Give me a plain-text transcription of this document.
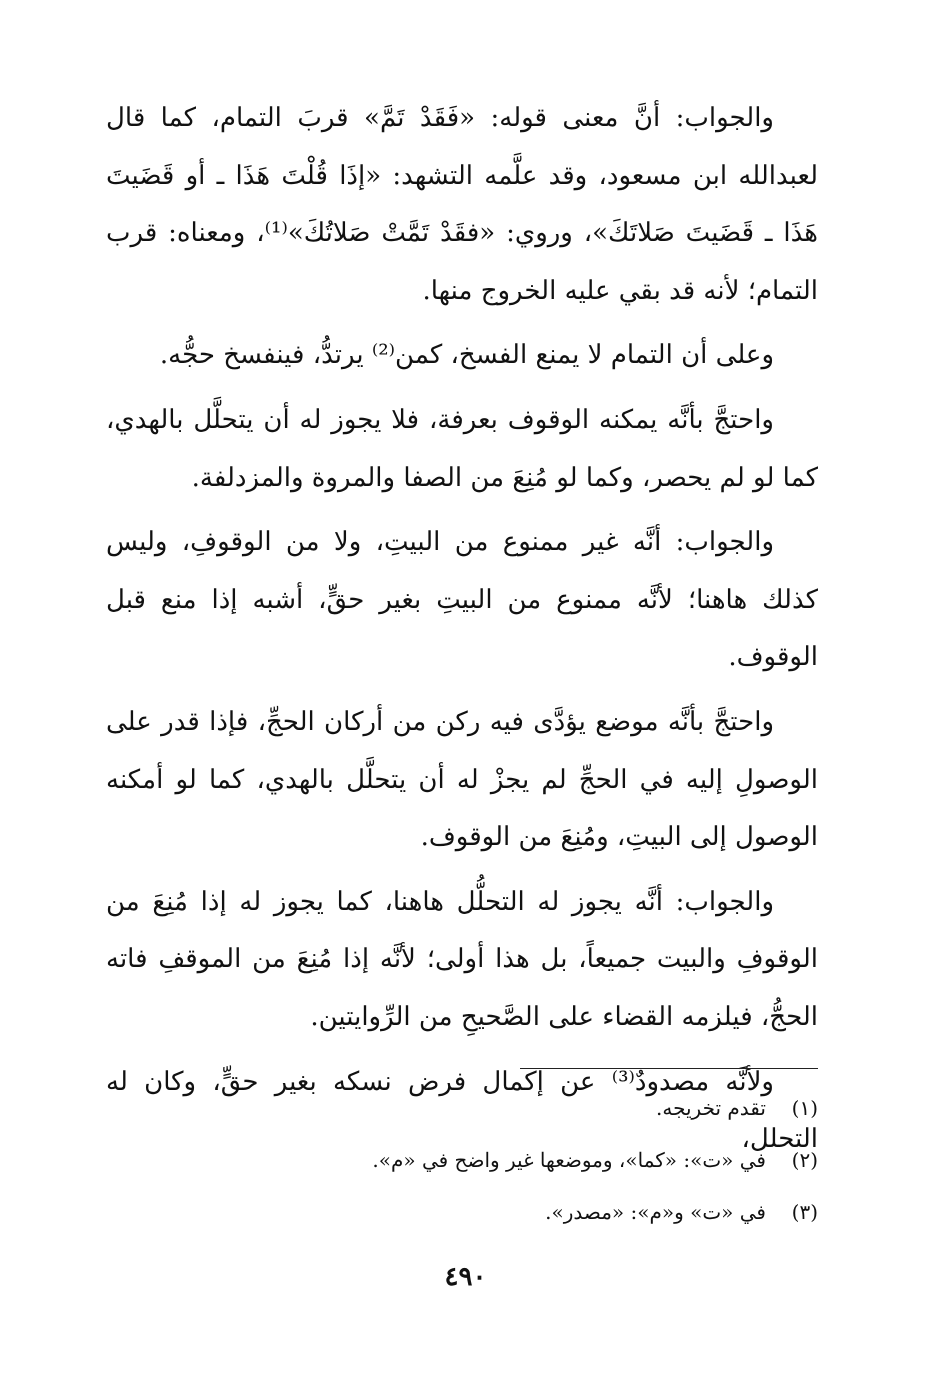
والجواب: أنَّ معنى قوله: «فَقَدْ تَمَّ» قربَ التمام، كما قال لعبدالله ابن مسعود، وقد علَّمه التشهد: «إذَا قُلْتَ هَذَا ـ أو قَضَيتَ هَذَا ـ قَضَيتَ صَلاتَكَ»، وروي: «فقَدْ تَمَّتْ صَلاتُكَ»⁽¹⁾، ومعناه: قرب التمام؛ لأنه قد بقي عليه الخروج منها.

وعلى أن التمام لا يمنع الفسخ، كمن⁽²⁾ يرتدُّ، فينفسخ حجُّه.

واحتجَّ بأنَّه يمكنه الوقوف بعرفة، فلا يجوز له أن يتحلَّل بالهدي، كما لو لم يحصر، وكما لو مُنِعَ من الصفا والمروة والمزدلفة.

والجواب: أنَّه غير ممنوع من البيتِ، ولا من الوقوفِ، وليس كذلك هاهنا؛ لأنَّه ممنوع من البيتِ بغير حقٍّ، أشبه إذا منع قبل الوقوف.

واحتجَّ بأنَّه موضع يؤدَّى فيه ركن من أركان الحجِّ، فإذا قدر على الوصولِ إليه في الحجِّ لم يجزْ له أن يتحلَّل بالهدي، كما لو أمكنه الوصول إلى البيتِ، ومُنِعَ من الوقوف.

والجواب: أنَّه يجوز له التحلُّل هاهنا، كما يجوز له إذا مُنِعَ من الوقوفِ والبيت جميعاً، بل هذا أولى؛ لأنَّه إذا مُنِعَ من الموقفِ فاته الحجُّ، فيلزمه القضاء على الصَّحيحِ من الرِّوايتين.

ولأنَّه مصدودٌ⁽³⁾ عن إكمال فرض نسكه بغير حقٍّ، وكان له التحلل،

(١)تقدم تخريجه.
(٢)في «ت»: «كما»، وموضعها غير واضح في «م».
(٣)في «ت» و«م»: «مصدر».
٤٩٠
